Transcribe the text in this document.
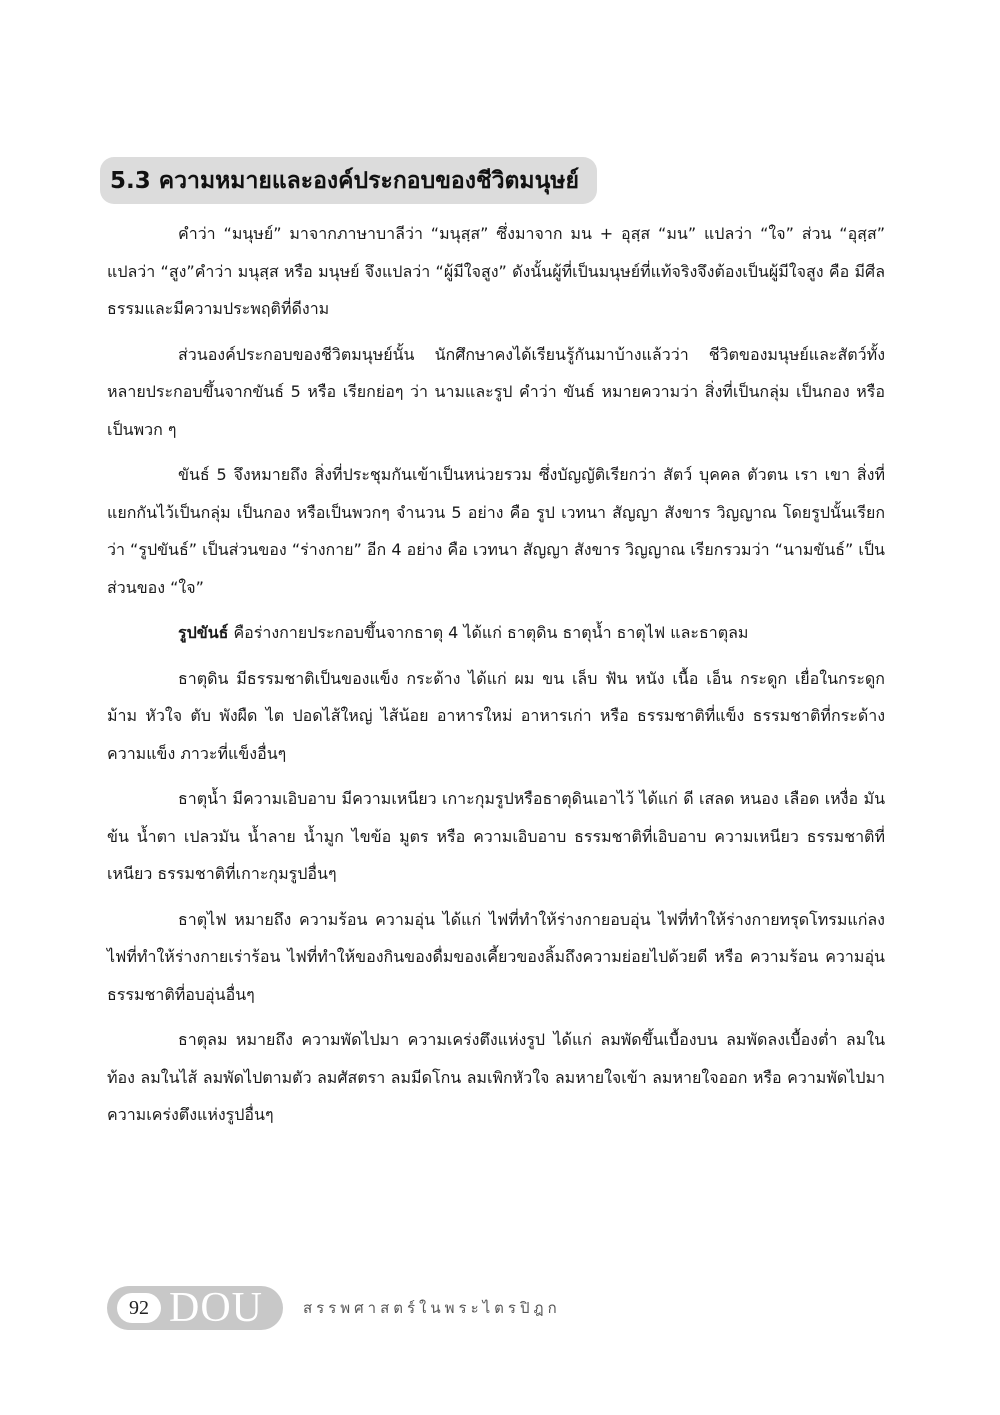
5.3 ความหมายและองค์ประกอบของชีวิตมนุษย์

คำว่า “มนุษย์” มาจากภาษาบาลีว่า “มนุสฺส” ซึ่งมาจาก มน + อุสฺส “มน” แปลว่า “ใจ” ส่วน “อุสฺส” แปลว่า “สูง”คำว่า มนุสฺส หรือ มนุษย์ จึงแปลว่า “ผู้มีใจสูง” ดังนั้นผู้ที่เป็นมนุษย์ที่แท้จริงจึงต้องเป็นผู้มีใจสูง คือ มีศีลธรรมและมีความประพฤติที่ดีงาม

ส่วนองค์ประกอบของชีวิตมนุษย์นั้น นักศึกษาคงได้เรียนรู้กันมาบ้างแล้วว่า ชีวิตของมนุษย์และสัตว์ทั้งหลายประกอบขึ้นจากขันธ์ 5 หรือ เรียกย่อๆ ว่า นามและรูป คำว่า ขันธ์ หมายความว่า สิ่งที่เป็นกลุ่ม เป็นกอง หรือเป็นพวก ๆ

ขันธ์ 5 จึงหมายถึง สิ่งที่ประชุมกันเข้าเป็นหน่วยรวม ซึ่งบัญญัติเรียกว่า สัตว์ บุคคล ตัวตน เรา เขา สิ่งที่แยกกันไว้เป็นกลุ่ม เป็นกอง หรือเป็นพวกๆ จำนวน 5 อย่าง คือ รูป เวทนา สัญญา สังขาร วิญญาณ โดยรูปนั้นเรียกว่า “รูปขันธ์” เป็นส่วนของ “ร่างกาย” อีก 4 อย่าง คือ เวทนา สัญญา สังขาร วิญญาณ เรียกรวมว่า “นามขันธ์” เป็นส่วนของ “ใจ”

รูปขันธ์ คือร่างกายประกอบขึ้นจากธาตุ 4 ได้แก่ ธาตุดิน ธาตุน้ำ ธาตุไฟ และธาตุลม

ธาตุดิน มีธรรมชาติเป็นของแข็ง กระด้าง ได้แก่ ผม ขน เล็บ ฟัน หนัง เนื้อ เอ็น กระดูก เยื่อในกระดูก ม้าม หัวใจ ตับ พังผืด ไต ปอดไส้ใหญ่ ไส้น้อย อาหารใหม่ อาหารเก่า หรือ ธรรมชาติที่แข็ง ธรรมชาติที่กระด้าง ความแข็ง ภาวะที่แข็งอื่นๆ

ธาตุน้ำ มีความเอิบอาบ มีความเหนียว เกาะกุมรูปหรือธาตุดินเอาไว้ ได้แก่ ดี เสลด หนอง เลือด เหงื่อ มันข้น น้ำตา เปลวมัน น้ำลาย น้ำมูก ไขข้อ มูตร หรือ ความเอิบอาบ ธรรมชาติที่เอิบอาบ ความเหนียว ธรรมชาติที่เหนียว ธรรมชาติที่เกาะกุมรูปอื่นๆ

ธาตุไฟ หมายถึง ความร้อน ความอุ่น ได้แก่ ไฟที่ทำให้ร่างกายอบอุ่น ไฟที่ทำให้ร่างกายทรุดโทรมแก่ลง ไฟที่ทำให้ร่างกายเร่าร้อน ไฟที่ทำให้ของกินของดื่มของเคี้ยวของลิ้มถึงความย่อยไปด้วยดี หรือ ความร้อน ความอุ่น ธรรมชาติที่อบอุ่นอื่นๆ

ธาตุลม หมายถึง ความพัดไปมา ความเคร่งตึงแห่งรูป ได้แก่ ลมพัดขึ้นเบื้องบน ลมพัดลงเบื้องต่ำ ลมในท้อง ลมในไส้ ลมพัดไปตามตัว ลมศัสตรา ลมมีดโกน ลมเพิกหัวใจ ลมหายใจเข้า ลมหายใจออก หรือ ความพัดไปมา ความเคร่งตึงแห่งรูปอื่นๆ

92 DOU	สรรพศาสตร์ในพระไตรปิฎก
